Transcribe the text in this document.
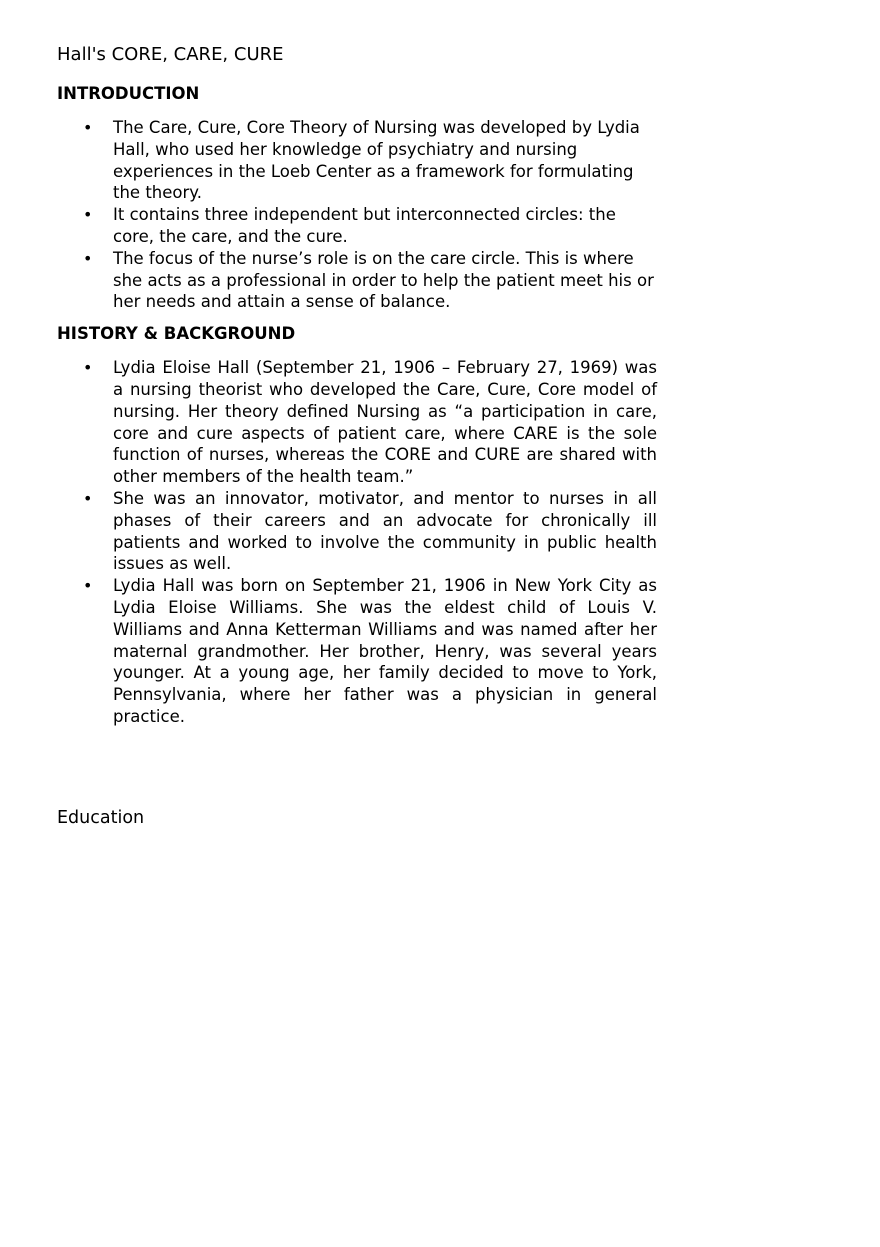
Hall's CORE, CARE, CURE
INTRODUCTION
• The Care, Cure, Core Theory of Nursing was developed by Lydia Hall, who used her knowledge of psychiatry and nursing experiences in the Loeb Center as a framework for formulating the theory.
• It contains three independent but interconnected circles: the core, the care, and the cure.
• The focus of the nurse’s role is on the care circle. This is where she acts as a professional in order to help the patient meet his or her needs and attain a sense of balance.
HISTORY & BACKGROUND
• Lydia Eloise Hall (September 21, 1906 – February 27, 1969) was a nursing theorist who developed the Care, Cure, Core model of nursing. Her theory defined Nursing as “a participation in care, core and cure aspects of patient care, where CARE is the sole function of nurses, whereas the CORE and CURE are shared with other members of the health team.”
• She was an innovator, motivator, and mentor to nurses in all phases of their careers and an advocate for chronically ill patients and worked to involve the community in public health issues as well.
• Lydia Hall was born on September 21, 1906 in New York City as Lydia Eloise Williams. She was the eldest child of Louis V. Williams and Anna Ketterman Williams and was named after her maternal grandmother. Her brother, Henry, was several years younger. At a young age, her family decided to move to York, Pennsylvania, where her father was a physician in general practice.
Education
